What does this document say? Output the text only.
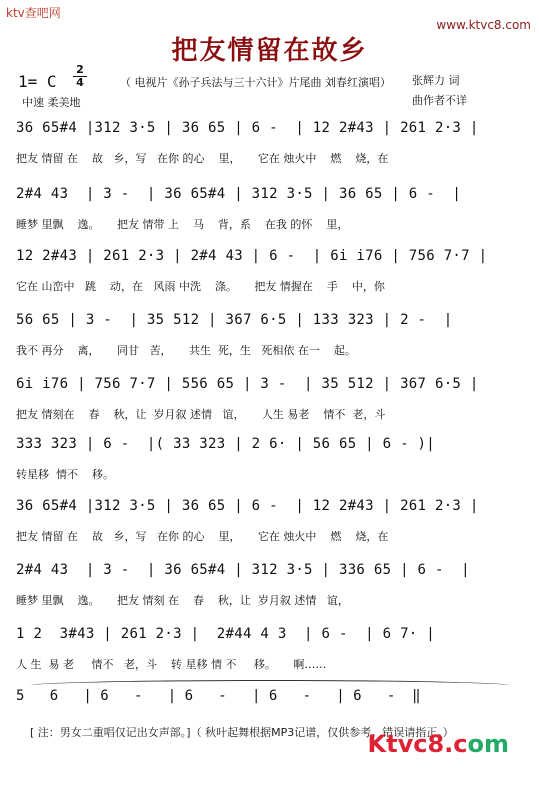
ktv查吧网
www.ktvc8.com
把友情留在故乡
1= C
2
4
中速 柔美地
（ 电视片《孙子兵法与三十六计》片尾曲 刘春红演唱） 张辉力 词
曲作者不详
36 65#4 |312 3·5 | 36 65 | 6 -  | 12 2#43 | 261 2·3 |
把友 情留 在    故   乡，写   在你 的心    里，     它在 烛火中    燃    烧，在
2#4 43  | 3 -  | 36 65#4 | 312 3·5 | 36 65 | 6 -  |
睡梦 里飘    逸。     把友 情带 上    马    背，系    在我 的怀    里，
12 2#43 | 261 2·3 | 2#4 43 | 6 -  | 6i i76 | 756 7·7 |
它在 山峦中   跳    动，在   风雨 中洗    涤。     把友 情握在    手    中，你
56 65 | 3 -  | 35 512 | 367 6·5 | 133 323 | 2 -  |
我不 再分    离，     同甘   苦，     共生  死，生   死相依 在一    起。
6i i76 | 756 7·7 | 556 65 | 3 -  | 35 512 | 367 6·5 |
把友 情刻在    春    秋，让  岁月叙 述情   谊，     人生 易老    情不  老，斗
333 323 | 6 -  |( 33 323 | 2 6· | 56 65 | 6 - )|
转星移  情不    移。
36 65#4 |312 3·5 | 36 65 | 6 -  | 12 2#43 | 261 2·3 |
把友 情留 在    故   乡，写   在你 的心    里，     它在 烛火中    燃    烧，在
2#4 43  | 3 -  | 36 65#4 | 312 3·5 | 336 65 | 6 -  |
睡梦 里飘    逸。     把友 情刻 在    春    秋，让  岁月叙 述情   谊，
1 2  3#43 | 261 2·3 |  2#44 4 3  | 6 -  | 6 7· |
人 生  易 老     情不   老，斗    转 星移 情 不     移。     啊……
5   6   | 6   -   | 6   -   | 6   -   | 6   -  ‖
[ 注：男女二重唱仅记出女声部。]（ 秋叶起舞根据MP3记谱，仅供参考。错误请指正。）
Ktvc8.com
